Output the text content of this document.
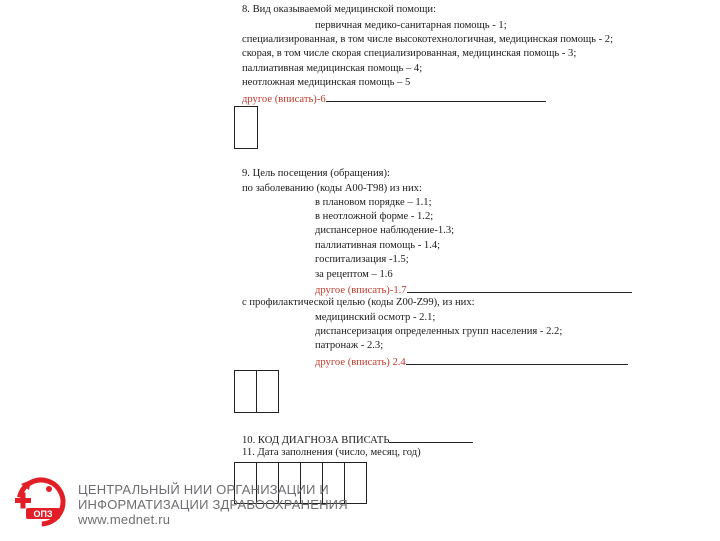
8. Вид оказываемой медицинской помощи:
первичная медико-санитарная помощь - 1;
специализированная, в том числе высокотехнологичная, медицинская помощь - 2;
скорая, в том числе скорая специализированная, медицинская помощь - 3;
паллиативная медицинская помощь – 4;
неотложная медицинская помощь – 5
другое (вписать)-6
9. Цель посещения (обращения):
по заболеванию (коды А00-Т98) из них:
в плановом порядке – 1.1;
в неотложной форме - 1.2;
диспансерное наблюдение-1.3;
паллиативная помощь - 1.4;
госпитализация -1.5;
за рецептом – 1.6
другое (вписать)-1.7
с профилактической целью (коды Z00-Z99), из них:
медицинский осмотр - 2.1;
диспансеризация определенных групп населения - 2.2;
патронаж - 2.3;
другое (вписать) 2.4
10. КОД ДИАГНОЗА ВПИСАТЬ
11. Дата заполнения (число, месяц, год)
ОПЗ
ЦЕНТРАЛЬНЫЙ НИИ ОРГАНИЗАЦИИ И
ИНФОРМАТИЗАЦИИ ЗДРАВООХРАНЕНИЯ
www.mednet.ru
